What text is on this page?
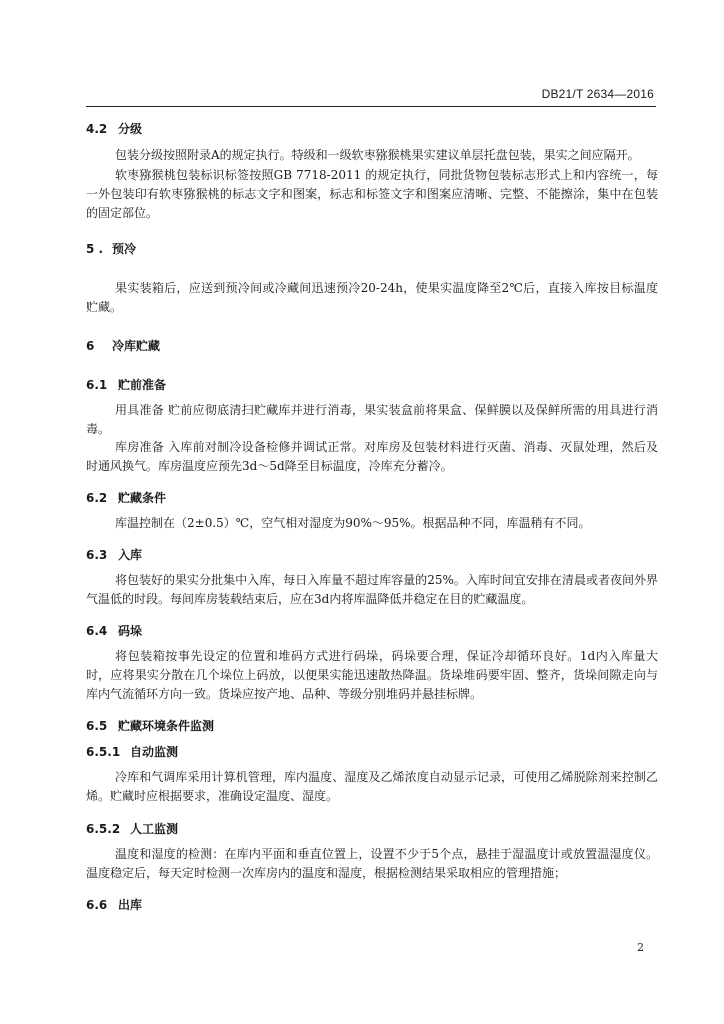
DB21/T 2634—2016
4.2 分级

包装分级按照附录A的规定执行。特级和一级软枣猕猴桃果实建议单层托盘包装，果实之间应隔开。

软枣猕猴桃包装标识标签按照GB 7718-2011 的规定执行，同批货物包装标志形式上和内容统一，每一外包装印有软枣猕猴桃的标志文字和图案，标志和标签文字和图案应清晰、完整、不能擦涂，集中在包装的固定部位。

5 . 预冷

果实装箱后，应送到预冷间或冷藏间迅速预冷20-24h，使果实温度降至2℃后，直接入库按目标温度贮藏。

6 冷库贮藏
6.1 贮前准备

用具准备 贮前应彻底清扫贮藏库并进行消毒，果实装盒前将果盒、保鲜膜以及保鲜所需的用具进行消毒。

库房准备 入库前对制冷设备检修并调试正常。对库房及包装材料进行灭菌、消毒、灭鼠处理，然后及时通风换气。库房温度应预先3d～5d降至目标温度，冷库充分蓄冷。

6.2 贮藏条件

库温控制在（2±0.5）℃，空气相对湿度为90%～95%。根据品种不同，库温稍有不同。

6.3 入库

将包装好的果实分批集中入库，每日入库量不超过库容量的25%。入库时间宜安排在清晨或者夜间外界气温低的时段。每间库房装载结束后，应在3d内将库温降低并稳定在目的贮藏温度。

6.4 码垛

将包装箱按事先设定的位置和堆码方式进行码垛，码垛要合理，保证冷却循环良好。1d内入库量大时，应将果实分散在几个垛位上码放，以便果实能迅速散热降温。货垛堆码要牢固、整齐，货垛间隙走向与库内气流循环方向一致。货垛应按产地、品种、等级分别堆码并悬挂标牌。

6.5 贮藏环境条件监测
6.5.1 自动监测

冷库和气调库采用计算机管理，库内温度、湿度及乙烯浓度自动显示记录，可使用乙烯脱除剂来控制乙烯。贮藏时应根据要求，准确设定温度、湿度。

6.5.2 人工监测

温度和湿度的检测：在库内平面和垂直位置上，设置不少于5个点，悬挂于湿温度计或放置温湿度仪。温度稳定后，每天定时检测一次库房内的温度和湿度，根据检测结果采取相应的管理措施；

6.6 出库
2
